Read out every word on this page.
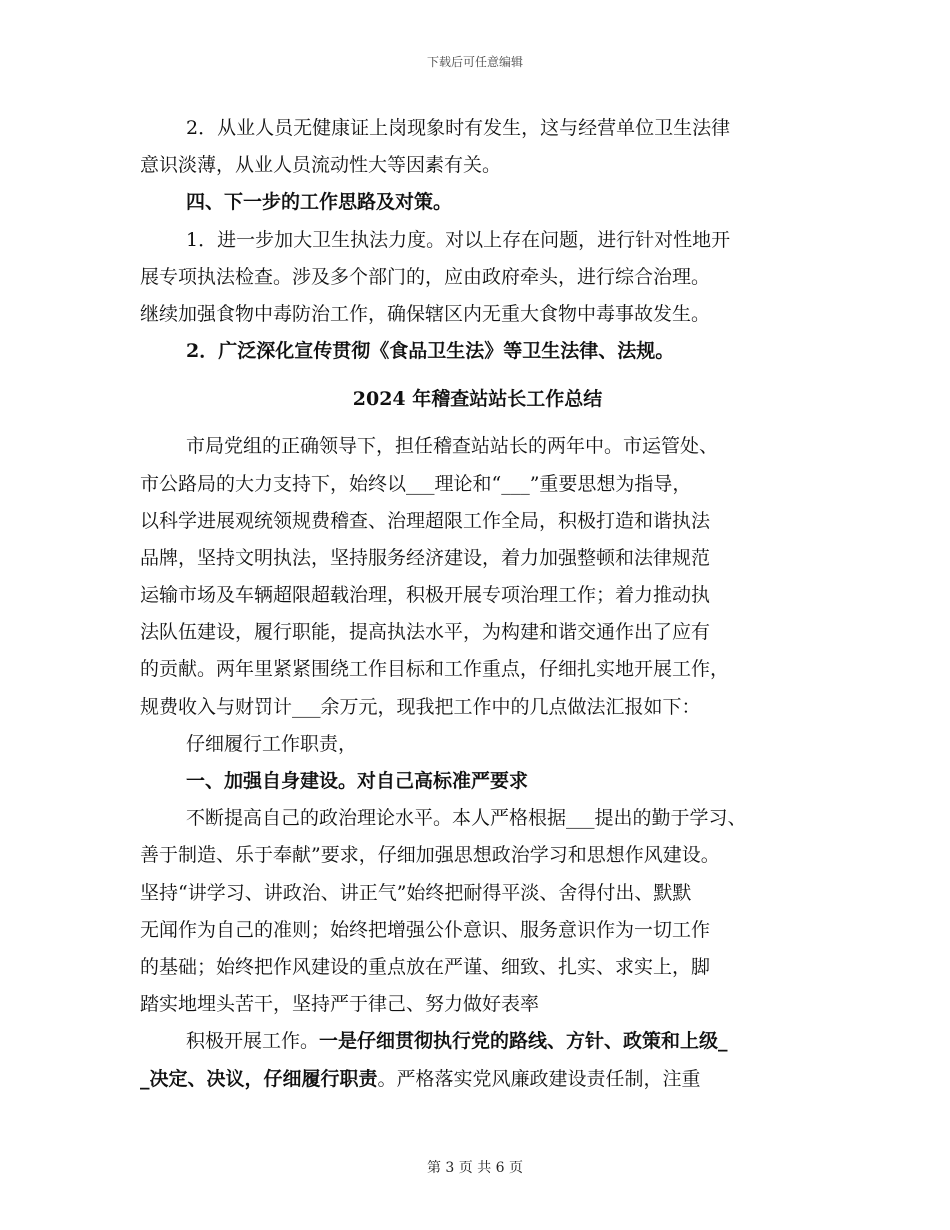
下载后可任意编辑
2．从业人员无健康证上岗现象时有发生，这与经营单位卫生法律
意识淡薄，从业人员流动性大等因素有关。
四、下一步的工作思路及对策。
1．进一步加大卫生执法力度。对以上存在问题，进行针对性地开
展专项执法检查。涉及多个部门的，应由政府牵头，进行综合治理。
继续加强食物中毒防治工作，确保辖区内无重大食物中毒事故发生。
2．广泛深化宣传贯彻《食品卫生法》等卫生法律、法规。
2024 年稽查站站长工作总结
市局党组的正确领导下，担任稽查站站长的两年中。市运管处、
市公路局的大力支持下，始终以___理论和“___”重要思想为指导，
以科学进展观统领规费稽查、治理超限工作全局，积极打造和谐执法
品牌，坚持文明执法，坚持服务经济建设，着力加强整顿和法律规范
运输市场及车辆超限超载治理，积极开展专项治理工作；着力推动执
法队伍建设，履行职能，提高执法水平，为构建和谐交通作出了应有
的贡献。两年里紧紧围绕工作目标和工作重点，仔细扎实地开展工作，
规费收入与财罚计___余万元，现我把工作中的几点做法汇报如下：
仔细履行工作职责，
一、加强自身建设。对自己高标准严要求
不断提高自己的政治理论水平。本人严格根据___提出的勤于学习、
善于制造、乐于奉献”要求，仔细加强思想政治学习和思想作风建设。
坚持“讲学习、讲政治、讲正气”始终把耐得平淡、舍得付出、默默
无闻作为自己的准则；始终把增强公仆意识、服务意识作为一切工作
的基础；始终把作风建设的重点放在严谨、细致、扎实、求实上，脚
踏实地埋头苦干，坚持严于律己、努力做好表率
积极开展工作。一是仔细贯彻执行党的路线、方针、政策和上级_
_决定、决议，仔细履行职责。严格落实党风廉政建设责任制，注重
第 3 页 共 6 页
